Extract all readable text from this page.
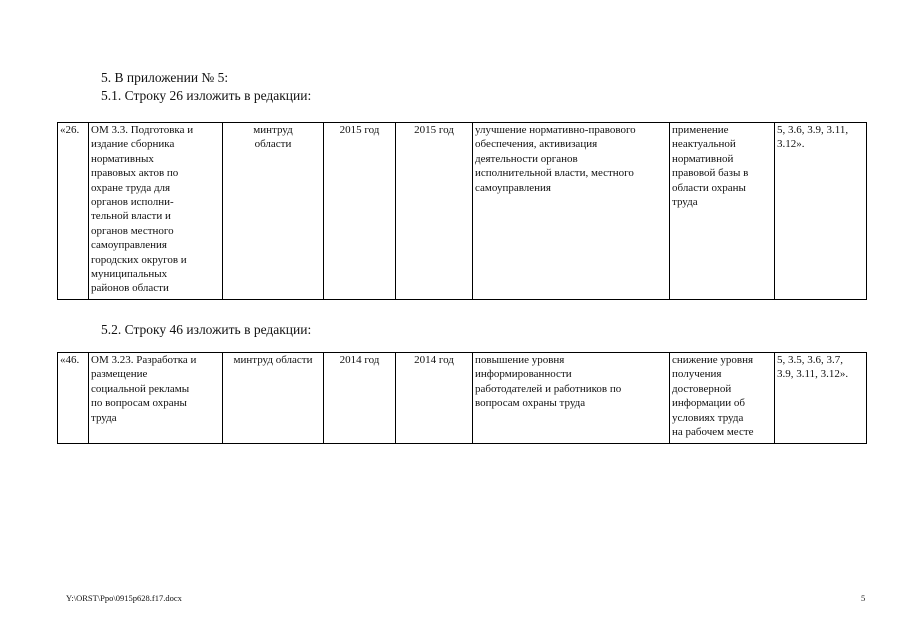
5. В приложении № 5:
5.1. Строку 26 изложить в редакции:
«26.	ОМ 3.3. Подготовка и
издание сборника
нормативных
правовых актов по
охране труда для
органов исполни-
тельной власти и
органов местного
самоуправления
городских округов и
муниципальных
районов области	минтруд
области	2015 год	2015 год	улучшение нормативно-правового
обеспечения, активизация
деятельности органов
исполнительной власти, местного
самоуправления	применение
неактуальной
нормативной
правовой базы в
области охраны
труда	5, 3.6, 3.9, 3.11,
3.12».
5.2. Строку 46 изложить в редакции:
«46.	ОМ 3.23. Разработка и
размещение
социальной рекламы
по вопросам охраны
труда	минтруд области	2014 год	2014 год	повышение уровня
информированности
работодателей и работников по
вопросам охраны труда	снижение уровня
получения
достоверной
информации об
условиях труда
на рабочем месте	5, 3.5, 3.6, 3.7,
3.9, 3.11, 3.12».
Y:\ORST\Ppo\0915p628.f17.docx	5
